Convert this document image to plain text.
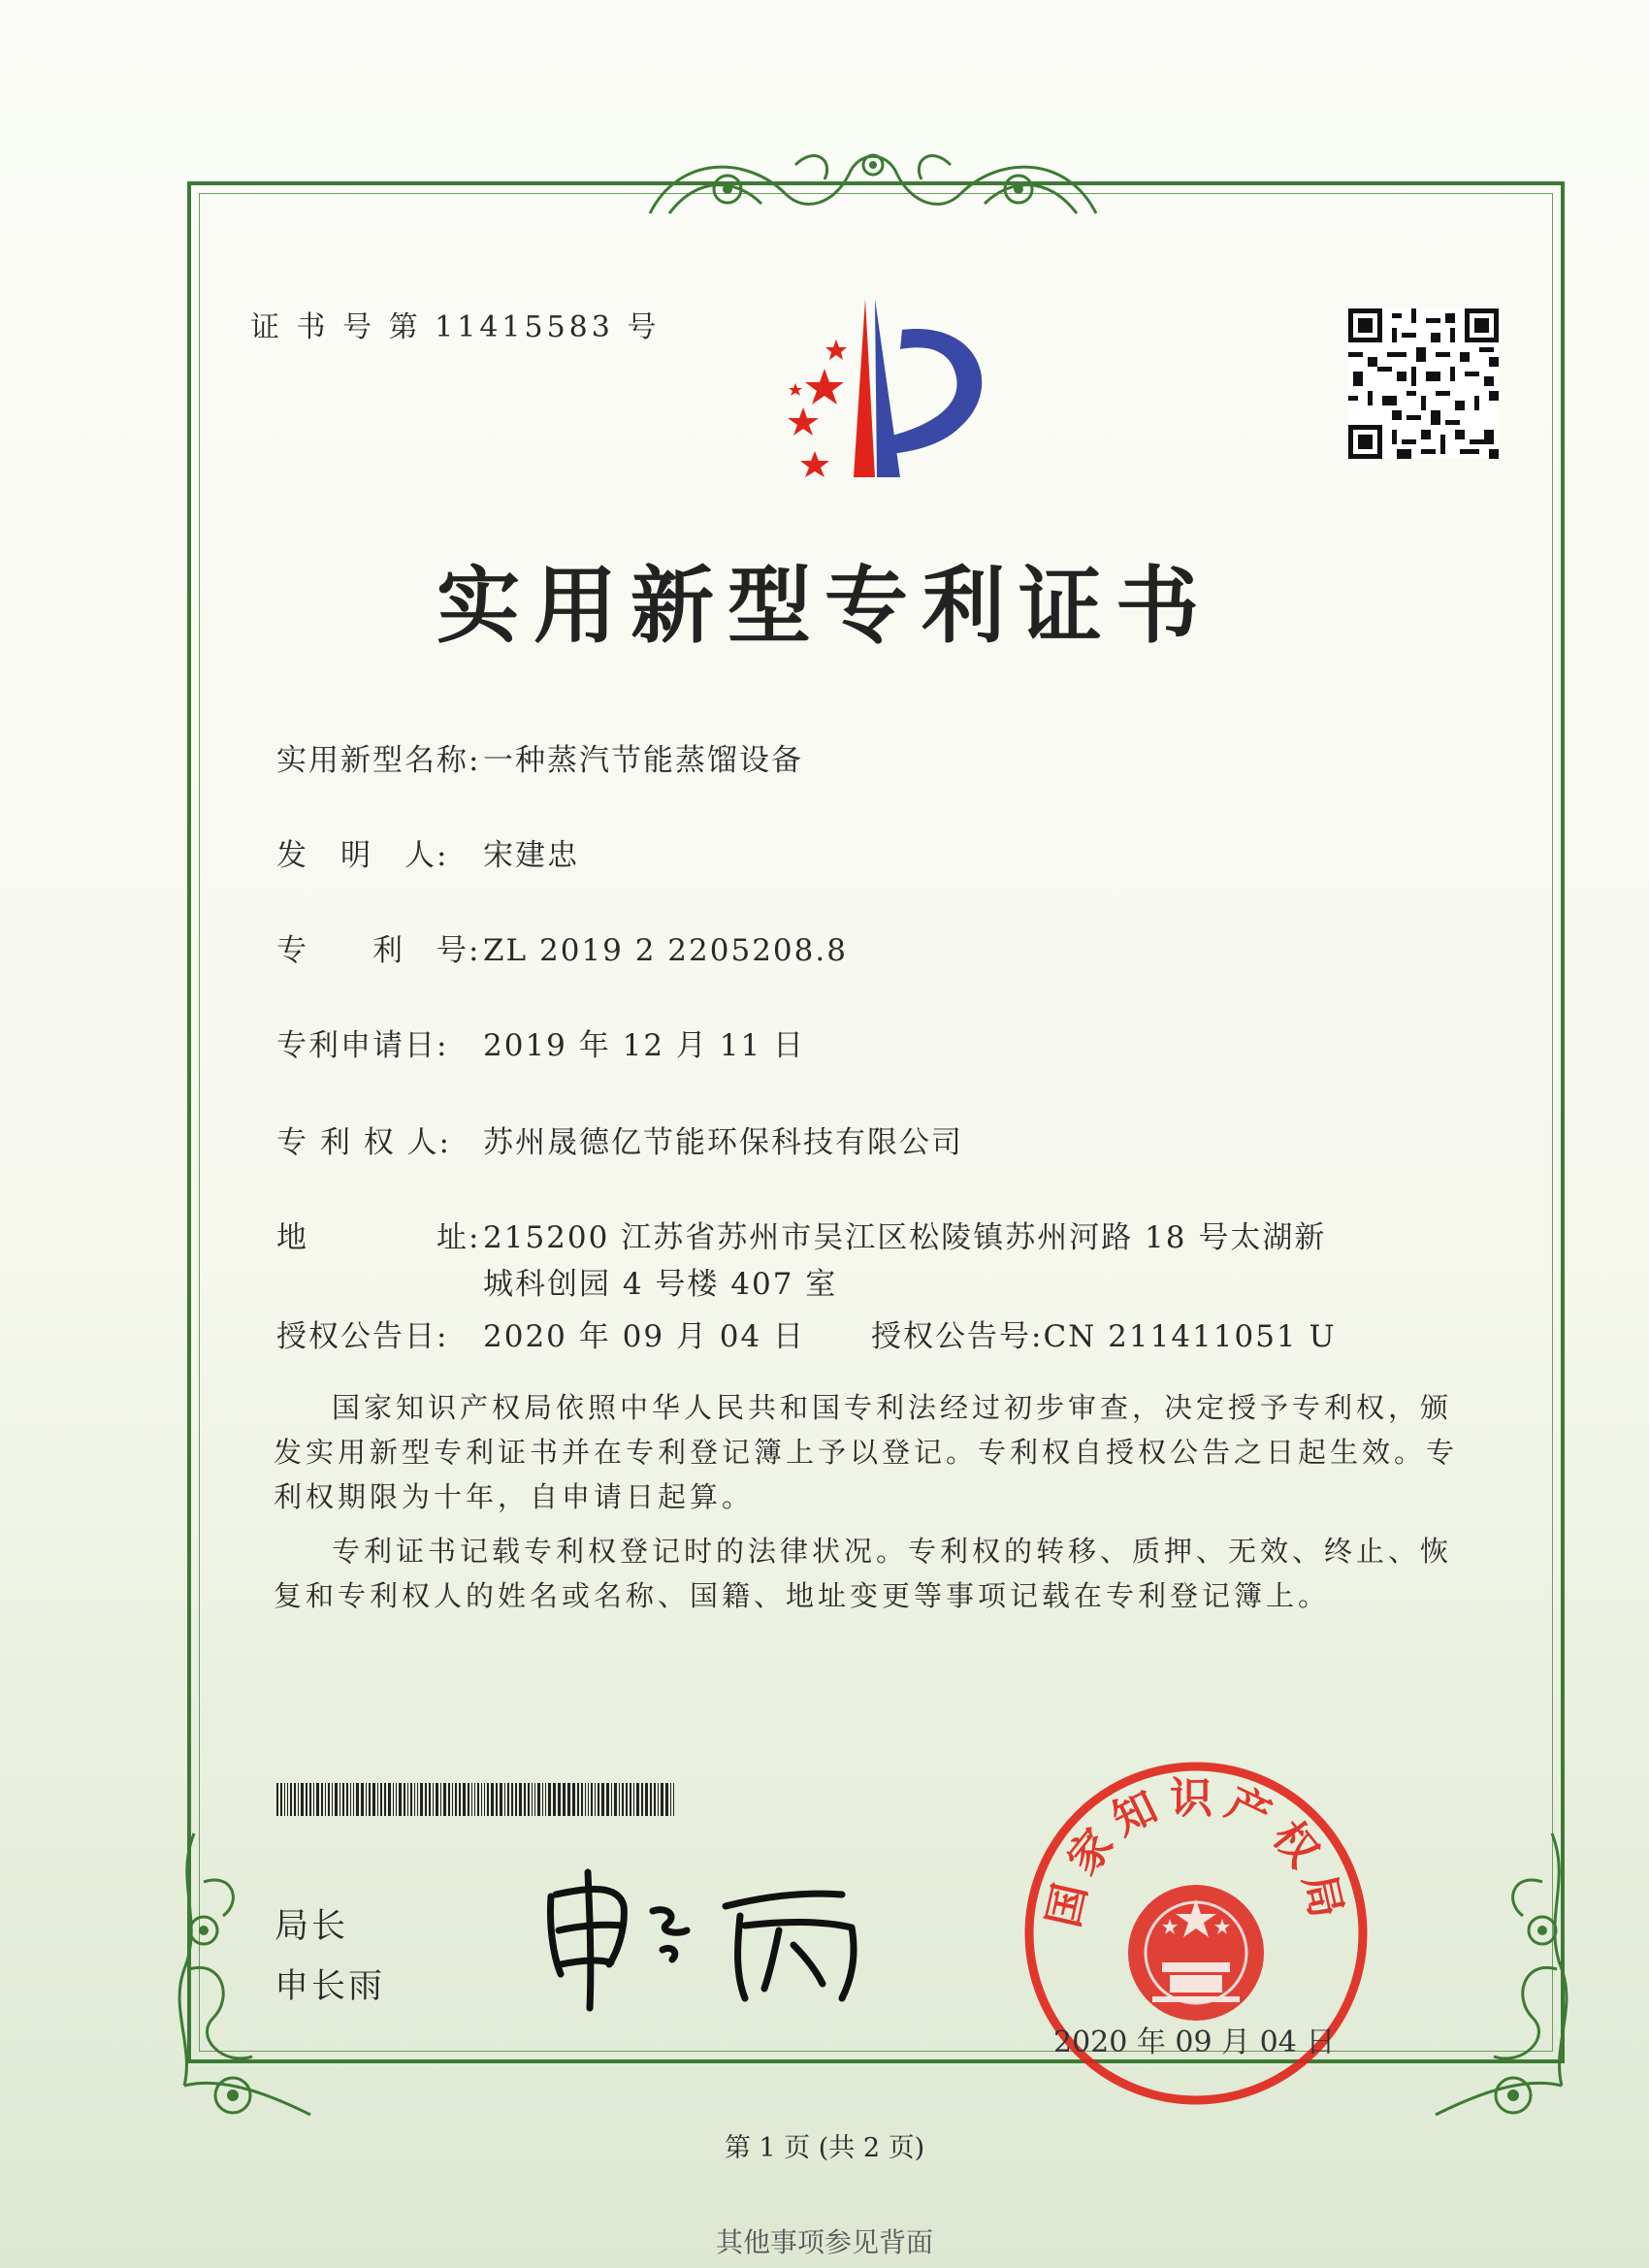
证 书 号 第 11415583 号
实用新型专利证书
实用新型名称:一种蒸汽节能蒸馏设备
发　明　人: 宋建忠
专　　利　号:ZL 2019 2 2205208.8
专利申请日: 2019 年 12 月 11 日
专 利 权 人: 苏州晟德亿节能环保科技有限公司
地　　　　址:215200 江苏省苏州市吴江区松陵镇苏州河路 18 号太湖新
城科创园 4 号楼 407 室
授权公告日: 2020 年 09 月 04 日 授权公告号:CN 211411051 U
国家知识产权局依照中华人民共和国专利法经过初步审查，决定授予专利权，颁发实用新型专利证书并在专利登记簿上予以登记。专利权自授权公告之日起生效。专利权期限为十年，自申请日起算。
专利证书记载专利权登记时的法律状况。专利权的转移、质押、无效、终止、恢复和专利权人的姓名或名称、国籍、地址变更等事项记载在专利登记簿上。
局长
申长雨
国家知识产权局
2020 年 09 月 04 日
第 1 页 (共 2 页)
其他事项参见背面
